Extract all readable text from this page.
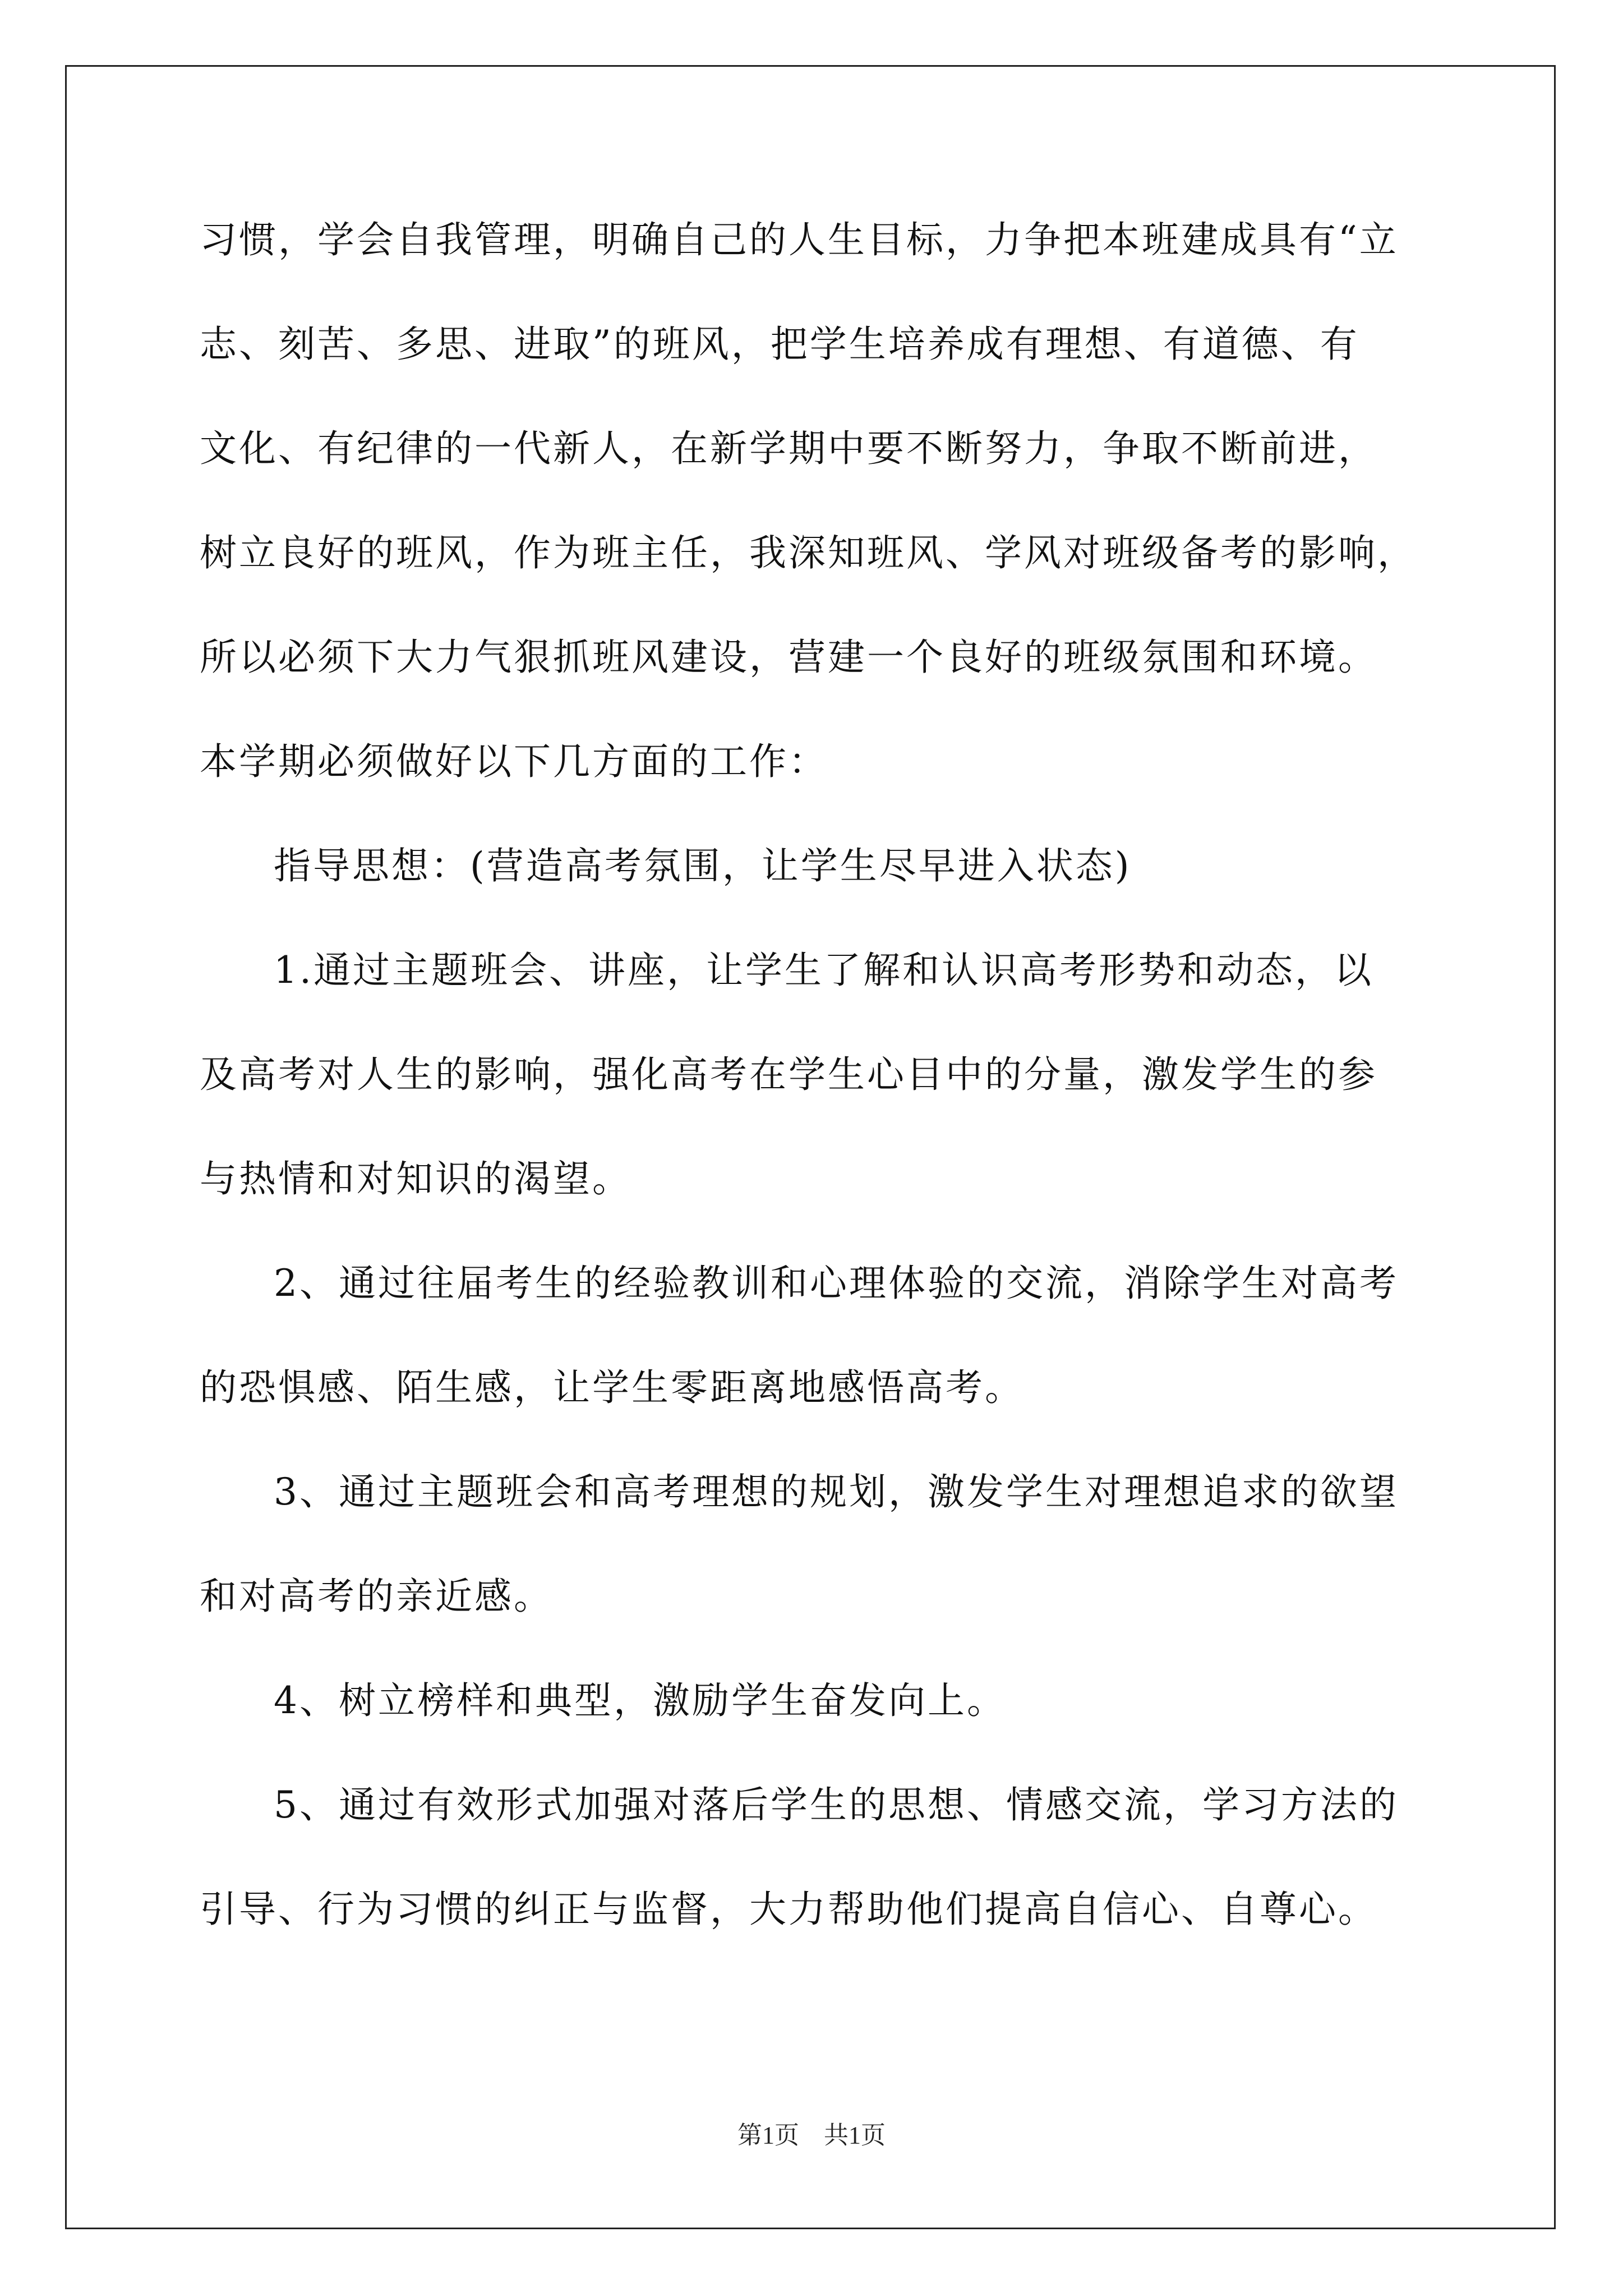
习惯，学会自我管理，明确自己的人生目标，力争把本班建成具有“立
志、刻苦、多思、进取”的班风，把学生培养成有理想、有道德、有
文化、有纪律的一代新人，在新学期中要不断努力，争取不断前进，
树立良好的班风，作为班主任，我深知班风、学风对班级备考的影响，
所以必须下大力气狠抓班风建设，营建一个良好的班级氛围和环境。
本学期必须做好以下几方面的工作：
指导思想：(营造高考氛围，让学生尽早进入状态)
1.通过主题班会、讲座，让学生了解和认识高考形势和动态，以
及高考对人生的影响，强化高考在学生心目中的分量，激发学生的参
与热情和对知识的渴望。
2、通过往届考生的经验教训和心理体验的交流，消除学生对高考
的恐惧感、陌生感，让学生零距离地感悟高考。
3、通过主题班会和高考理想的规划，激发学生对理想追求的欲望
和对高考的亲近感。
4、树立榜样和典型，激励学生奋发向上。
5、通过有效形式加强对落后学生的思想、情感交流，学习方法的
引导、行为习惯的纠正与监督，大力帮助他们提高自信心、自尊心。
第1页　共1页
